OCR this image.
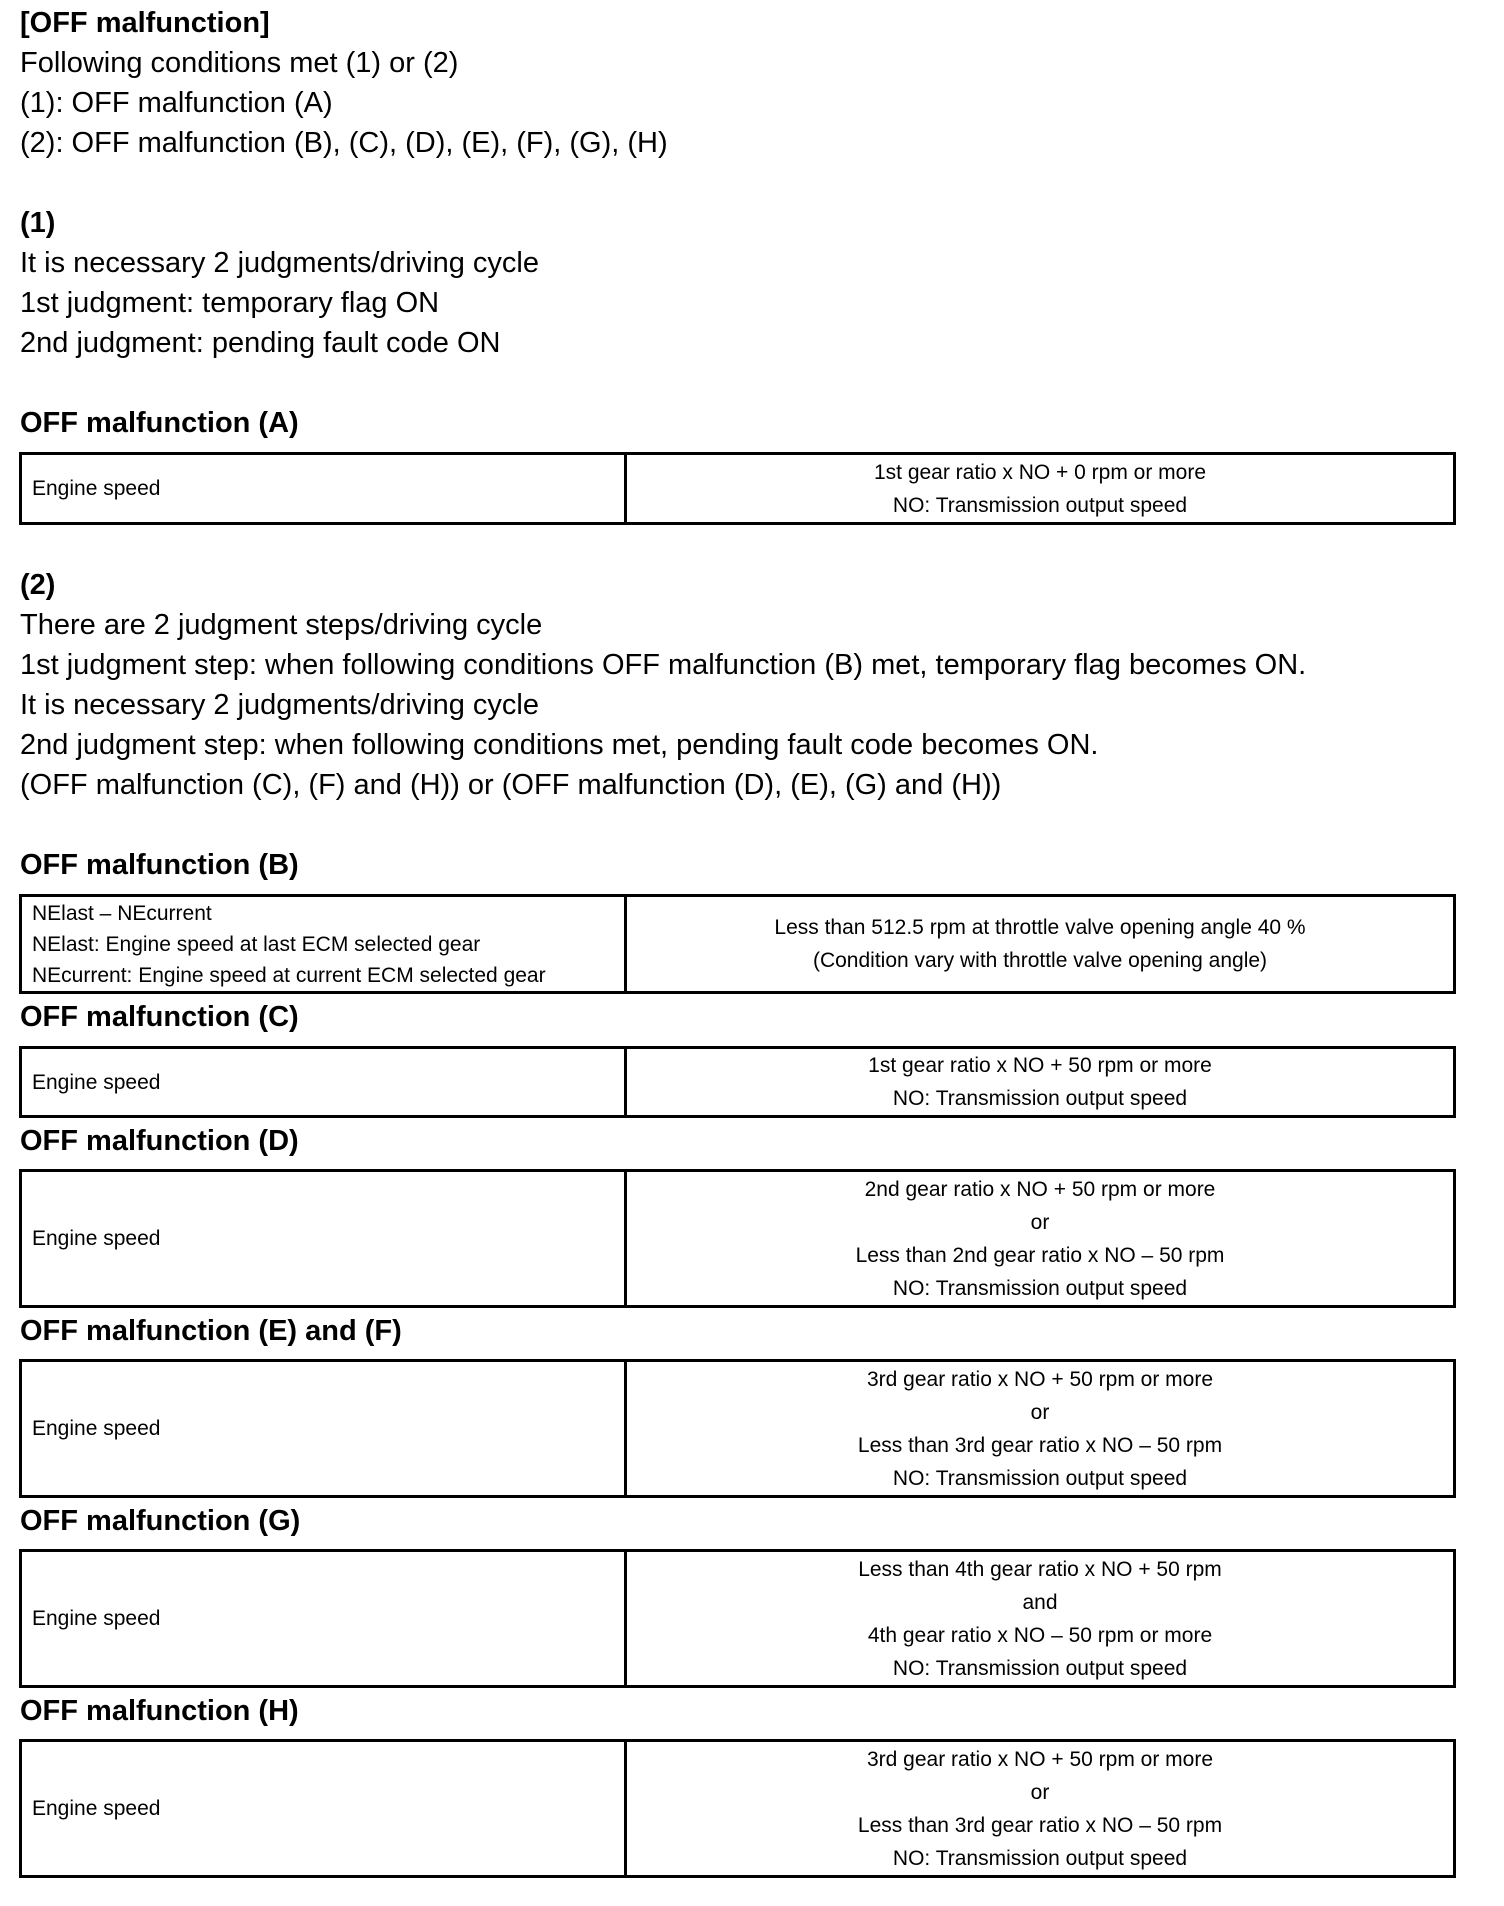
[OFF malfunction]
Following conditions met (1) or (2)
(1): OFF malfunction (A)
(2): OFF malfunction (B), (C), (D), (E), (F), (G), (H)
(1)
It is necessary 2 judgments/driving cycle
1st judgment: temporary flag ON
2nd judgment: pending fault code ON
OFF malfunction (A)
Engine speed
1st gear ratio x NO + 0 rpm or more
NO: Transmission output speed
(2)
There are 2 judgment steps/driving cycle
1st judgment step: when following conditions OFF malfunction (B) met, temporary flag becomes ON.
It is necessary 2 judgments/driving cycle
2nd judgment step: when following conditions met, pending fault code becomes ON.
(OFF malfunction (C), (F) and (H)) or (OFF malfunction (D), (E), (G) and (H))
OFF malfunction (B)
NElast – NEcurrent
NElast: Engine speed at last ECM selected gear
NEcurrent: Engine speed at current ECM selected gear
Less than 512.5 rpm at throttle valve opening angle 40 %
(Condition vary with throttle valve opening angle)
OFF malfunction (C)
Engine speed
1st gear ratio x NO + 50 rpm or more
NO: Transmission output speed
OFF malfunction (D)
Engine speed
2nd gear ratio x NO + 50 rpm or more
or
Less than 2nd gear ratio x NO – 50 rpm
NO: Transmission output speed
OFF malfunction (E) and (F)
Engine speed
3rd gear ratio x NO + 50 rpm or more
or
Less than 3rd gear ratio x NO – 50 rpm
NO: Transmission output speed
OFF malfunction (G)
Engine speed
Less than 4th gear ratio x NO + 50 rpm
and
4th gear ratio x NO – 50 rpm or more
NO: Transmission output speed
OFF malfunction (H)
Engine speed
3rd gear ratio x NO + 50 rpm or more
or
Less than 3rd gear ratio x NO – 50 rpm
NO: Transmission output speed
